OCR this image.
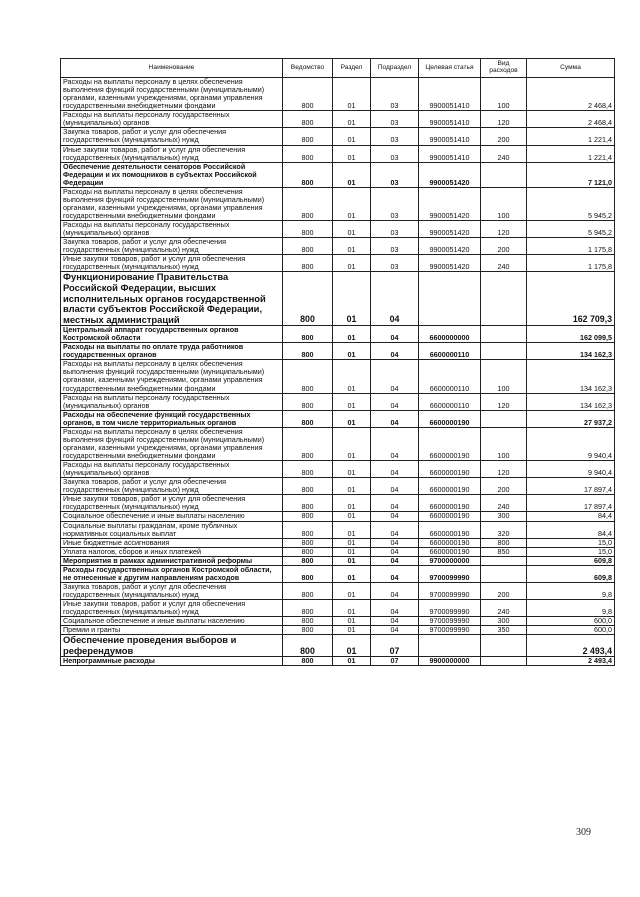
Наименование	Ведомство	Раздел	Подраздел	Целевая статья	Вид расходов	Сумма
Расходы на выплаты персоналу в целях обеспечения выполнения функций государственными (муниципальными) органами, казенными учреждениями, органами управления государственными внебюджетными фондами	800	01	03	9900051410	100	2 468,4
Расходы на выплаты персоналу государственных (муниципальных) органов	800	01	03	9900051410	120	2 468,4
Закупка товаров, работ и услуг для обеспечения государственных (муниципальных) нужд	800	01	03	9900051410	200	1 221,4
Иные закупки товаров, работ и услуг для обеспечения государственных (муниципальных) нужд	800	01	03	9900051410	240	1 221,4
Обеспечение деятельности сенаторов Российской Федерации и их помощников в субъектах Российской Федерации	800	01	03	9900051420		7 121,0
Расходы на выплаты персоналу в целях обеспечения выполнения функций государственными (муниципальными) органами, казенными учреждениями, органами управления государственными внебюджетными фондами	800	01	03	9900051420	100	5 945,2
Расходы на выплаты персоналу государственных (муниципальных) органов	800	01	03	9900051420	120	5 945,2
Закупка товаров, работ и услуг для обеспечения государственных (муниципальных) нужд	800	01	03	9900051420	200	1 175,8
Иные закупки товаров, работ и услуг для обеспечения государственных (муниципальных) нужд	800	01	03	9900051420	240	1 175,8
Функционирование Правительства Российской Федерации, высших исполнительных органов государственной власти субъектов Российской Федерации, местных администраций	800	01	04			162 709,3
Центральный аппарат государственных органов Костромской области	800	01	04	6600000000		162 099,5
Расходы на выплаты по оплате труда работников государственных органов	800	01	04	6600000110		134 162,3
Расходы на выплаты персоналу в целях обеспечения выполнения функций государственными (муниципальными) органами, казенными учреждениями, органами управления государственными внебюджетными фондами	800	01	04	6600000110	100	134 162,3
Расходы на выплаты персоналу государственных (муниципальных) органов	800	01	04	6600000110	120	134 162,3
Расходы на обеспечение функций государственных органов, в том числе территориальных органов	800	01	04	6600000190		27 937,2
Расходы на выплаты персоналу в целях обеспечения выполнения функций государственными (муниципальными) органами, казенными учреждениями, органами управления государственными внебюджетными фондами	800	01	04	6600000190	100	9 940,4
Расходы на выплаты персоналу государственных (муниципальных) органов	800	01	04	6600000190	120	9 940,4
Закупка товаров, работ и услуг для обеспечения государственных (муниципальных) нужд	800	01	04	6600000190	200	17 897,4
Иные закупки товаров, работ и услуг для обеспечения государственных (муниципальных) нужд	800	01	04	6600000190	240	17 897,4
Социальное обеспечение и иные выплаты населению	800	01	04	6600000190	300	84,4
Социальные выплаты гражданам, кроме публичных нормативных социальных выплат	800	01	04	6600000190	320	84,4
Иные бюджетные ассигнования	800	01	04	6600000190	800	15,0
Уплата налогов, сборов и иных платежей	800	01	04	6600000190	850	15,0
Мероприятия в рамках административной реформы	800	01	04	9700000000		609,8
Расходы государственных органов Костромской области, не отнесенные к другим направлениям расходов	800	01	04	9700099990		609,8
Закупка товаров, работ и услуг для обеспечения государственных (муниципальных) нужд	800	01	04	9700099990	200	9,8
Иные закупки товаров, работ и услуг для обеспечения государственных (муниципальных) нужд	800	01	04	9700099990	240	9,8
Социальное обеспечение и иные выплаты населению	800	01	04	9700099990	300	600,0
Премии и гранты	800	01	04	9700099990	350	600,0
Обеспечение проведения выборов и референдумов	800	01	07			2 493,4
Непрограммные расходы	800	01	07	9900000000		2 493,4
309
